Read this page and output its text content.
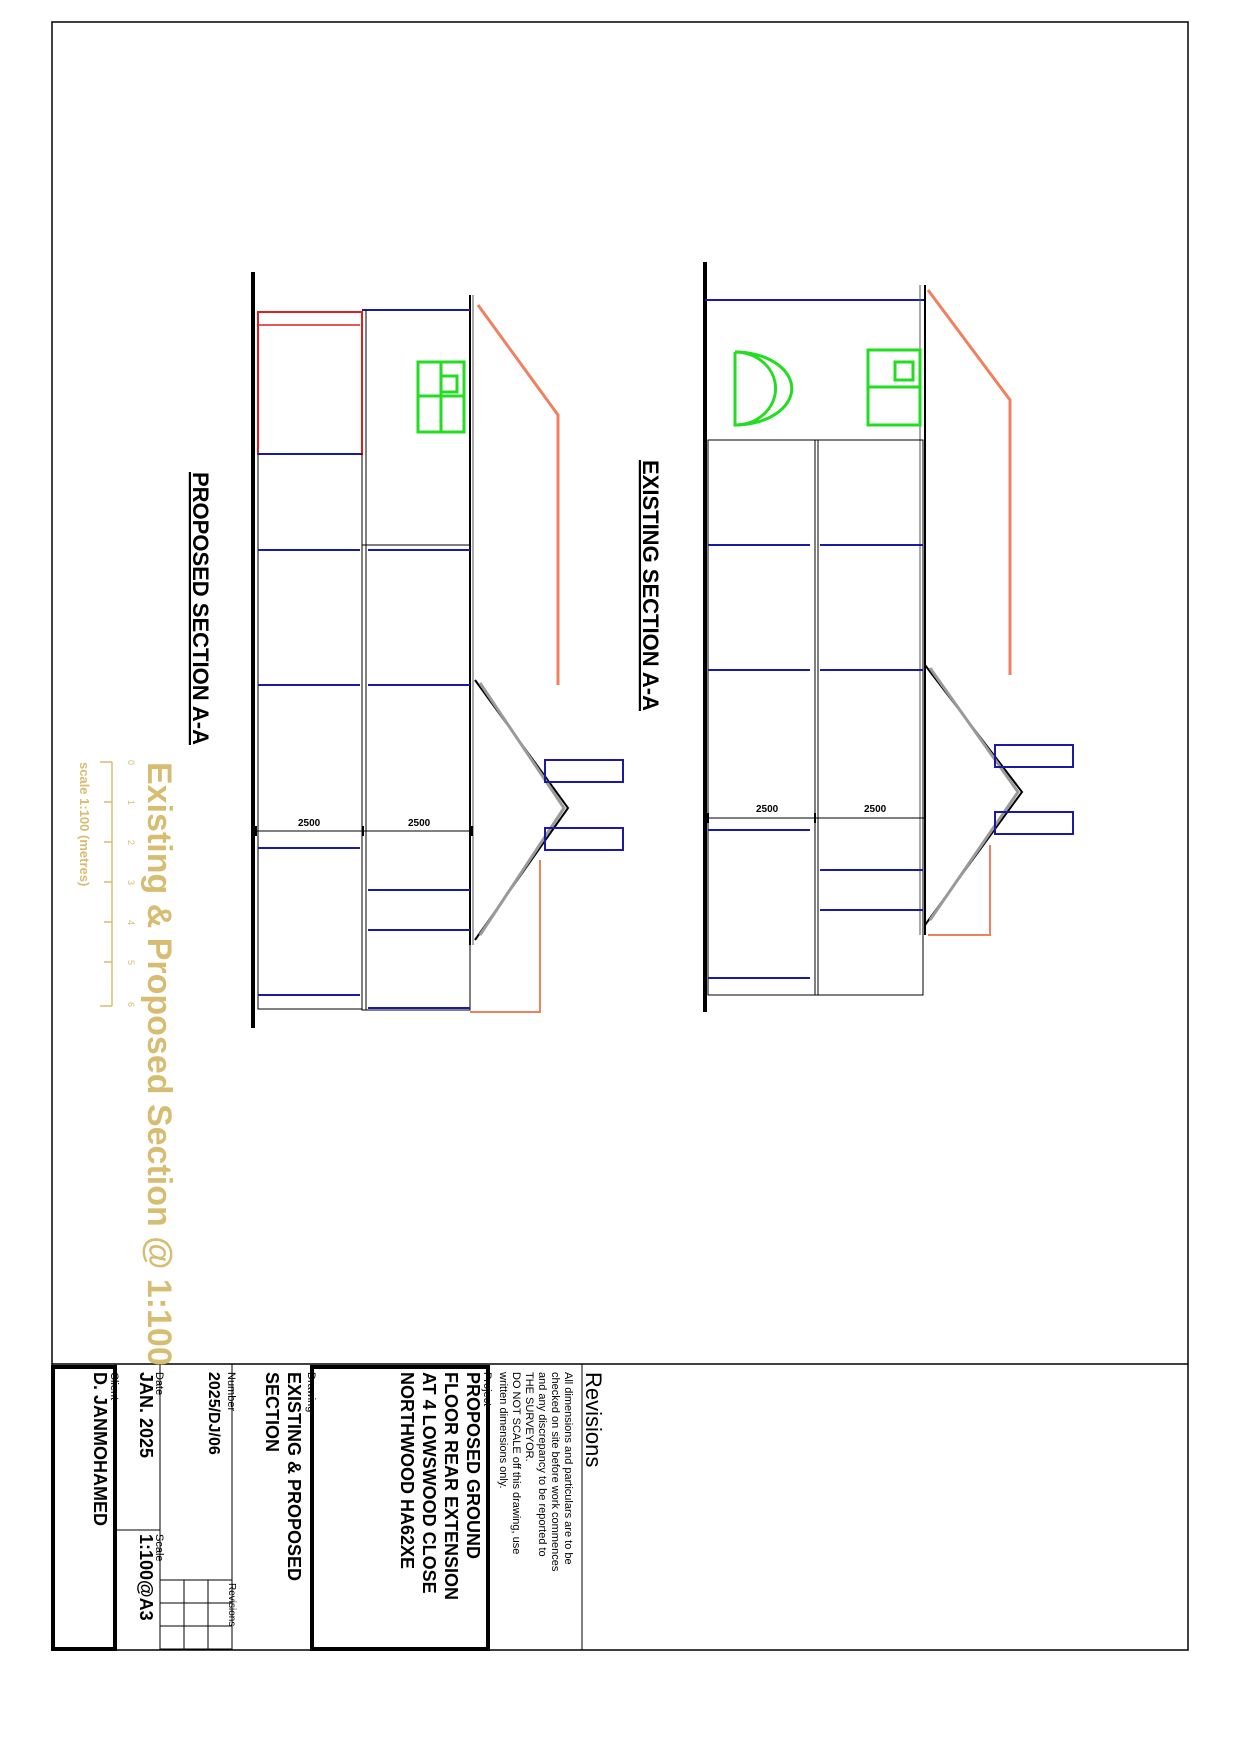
2500	2500
EXISTING SECTION A-A
2500	2500
PROPOSED SECTION A-A
Existing & Proposed Section @ 1:100
0
1
2
3
4
5
6
scale 1:100 (metres)
Revisions
All dimensions and particulars are to be
checked on site before work commences
and any discrepancy to be reported to
THE SURVEYOR.
DO NOT SCALE off this drawing, use
written dimensions only.
Project
PROPOSED GROUND
FLOOR REAR EXTENSION
AT 4 LOWSWOOD CLOSE
NORTHWOOD HA62XE
Drawing
EXISTING & PROPOSED
SECTION
Number
2025/DJ/06
Revisions
Date
JAN. 2025
Scale
1:100@A3
Client
D. JANMOHAMED
